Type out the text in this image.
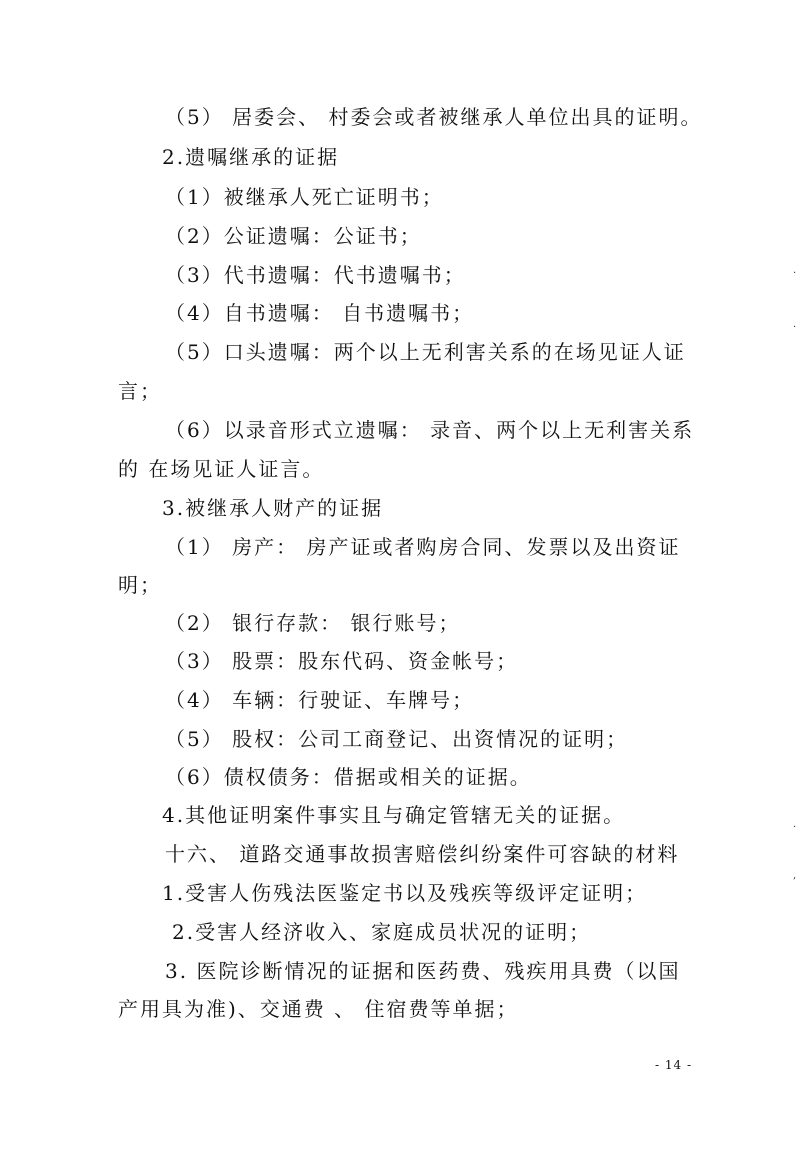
（5） 居委会、 村委会或者被继承人单位出具的证明。
2.遗嘱继承的证据
（1）被继承人死亡证明书；
（2）公证遗嘱：公证书；
（3）代书遗嘱：代书遗嘱书；
（4）自书遗嘱： 自书遗嘱书；
（5）口头遗嘱：两个以上无利害关系的在场见证人证
言；
（6）以录音形式立遗嘱： 录音、两个以上无利害关系
的 在场见证人证言。
3.被继承人财产的证据
（1） 房产： 房产证或者购房合同、发票以及出资证
明；
（2） 银行存款： 银行账号；
（3） 股票：股东代码、资金帐号；
（4） 车辆：行驶证、车牌号；
（5） 股权：公司工商登记、出资情况的证明；
（6）债权债务：借据或相关的证据。
4.其他证明案件事实且与确定管辖无关的证据。
十六、 道路交通事故损害赔偿纠纷案件可容缺的材料
1.受害人伤残法医鉴定书以及残疾等级评定证明；
2.受害人经济收入、家庭成员状况的证明；
3. 医院诊断情况的证据和医药费、残疾用具费（以国
产用具为准)、交通费 、 住宿费等单据；
- 14 -
·
·
·
,
